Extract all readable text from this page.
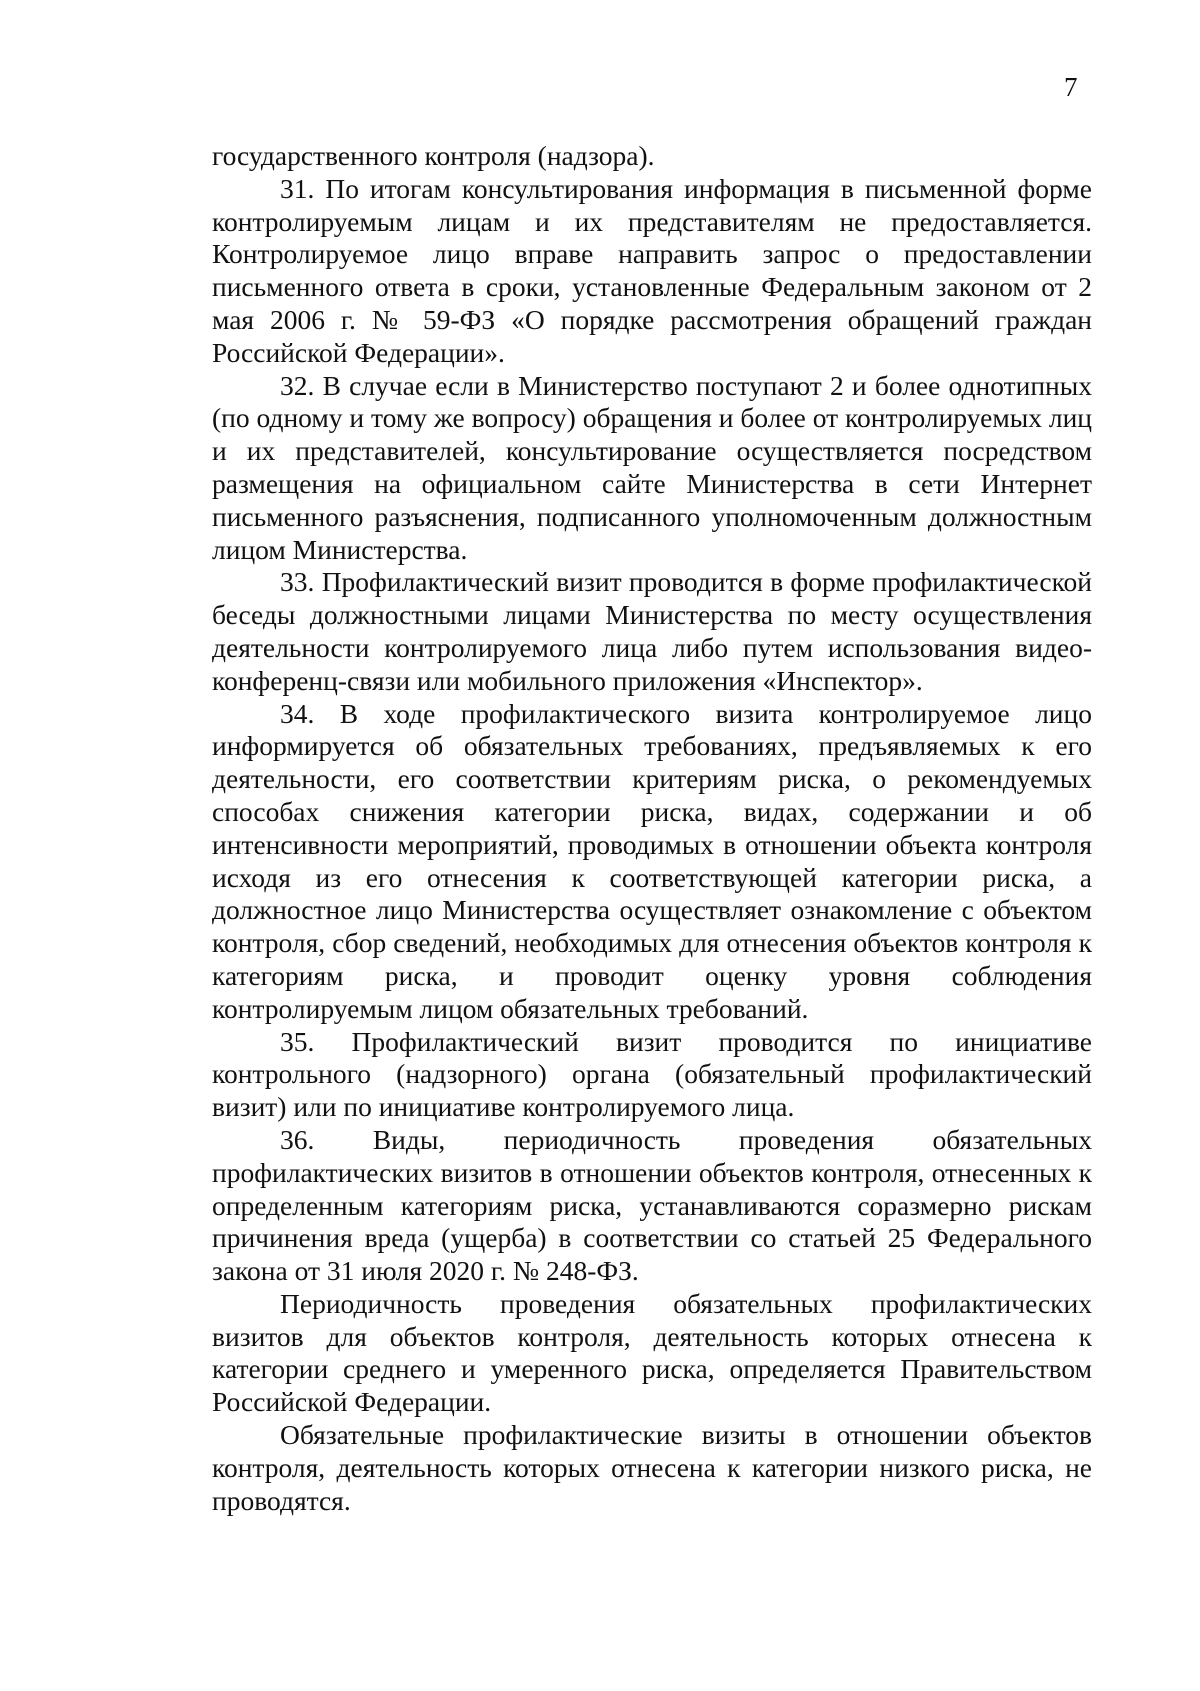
7

государственного контроля (надзора).

31. По итогам консультирования информация в письменной форме контролируемым лицам и их представителям не предоставляется. Контролируемое лицо вправе направить запрос о предоставлении письменного ответа в сроки, установленные Федеральным законом от 2 мая 2006 г. № 59-ФЗ «О порядке рассмотрения обращений граждан Российской Федерации».

32. В случае если в Министерство поступают 2 и более однотипных (по одному и тому же вопросу) обращения и более от контролируемых лиц и их представителей, консультирование осуществляется посредством размещения на официальном сайте Министерства в сети Интернет письменного разъяснения, подписанного уполномоченным должностным лицом Министерства.

33. Профилактический визит проводится в форме профилактической беседы должностными лицами Министерства по месту осуществления деятельности контролируемого лица либо путем использования видео-конференц-связи или мобильного приложения «Инспектор».

34. В ходе профилактического визита контролируемое лицо информируется об обязательных требованиях, предъявляемых к его деятельности, его соответствии критериям риска, о рекомендуемых способах снижения категории риска, видах, содержании и об интенсивности мероприятий, проводимых в отношении объекта контроля исходя из его отнесения к соответствующей категории риска, а должностное лицо Министерства осуществляет ознакомление с объектом контроля, сбор сведений, необходимых для отнесения объектов контроля к категориям риска, и проводит оценку уровня соблюдения контролируемым лицом обязательных требований.

35. Профилактический визит проводится по инициативе контрольного (надзорного) органа (обязательный профилактический визит) или по инициативе контролируемого лица.

36. Виды, периодичность проведения обязательных профилактических визитов в отношении объектов контроля, отнесенных к определенным категориям риска, устанавливаются соразмерно рискам причинения вреда (ущерба) в соответствии со статьей 25 Федерального закона от 31 июля 2020 г. № 248-ФЗ.

Периодичность проведения обязательных профилактических визитов для объектов контроля, деятельность которых отнесена к категории среднего и умеренного риска, определяется Правительством Российской Федерации.

Обязательные профилактические визиты в отношении объектов контроля, деятельность которых отнесена к категории низкого риска, не проводятся.
